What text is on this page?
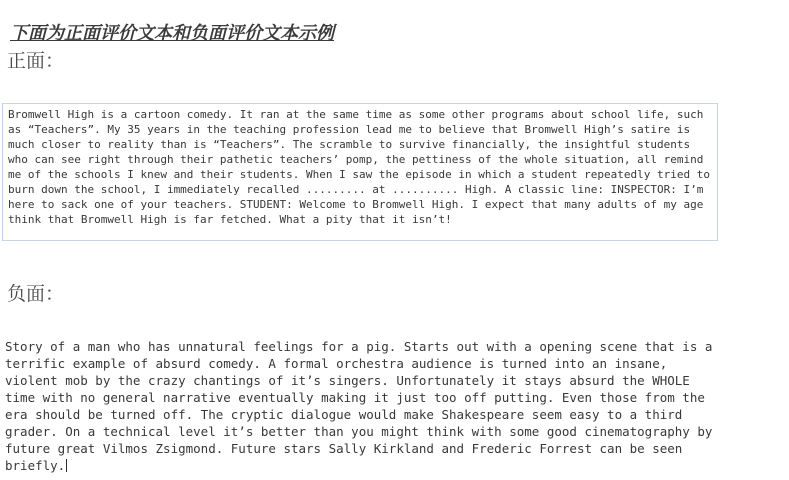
下面为正面评价文本和负面评价文本示例
正面：
Bromwell High is a cartoon comedy. It ran at the same time as some other programs about school life, such as “Teachers”. My 35 years in the teaching profession lead me to believe that Bromwell High’s satire is much closer to reality than is “Teachers”. The scramble to survive financially, the insightful students who can see right through their pathetic teachers’ pomp, the pettiness of the whole situation, all remind me of the schools I knew and their students. When I saw the episode in which a student repeatedly tried to burn down the school, I immediately recalled ......... at .......... High. A classic line: INSPECTOR: I’m here to sack one of your teachers. STUDENT: Welcome to Bromwell High. I expect that many adults of my age think that Bromwell High is far fetched. What a pity that it isn’t!
负面：
Story of a man who has unnatural feelings for a pig. Starts out with a opening scene that is a terrific example of absurd comedy. A formal orchestra audience is turned into an insane, violent mob by the crazy chantings of it’s singers. Unfortunately it stays absurd the WHOLE time with no general narrative eventually making it just too off putting. Even those from the era should be turned off. The cryptic dialogue would make Shakespeare seem easy to a third grader. On a technical level it’s better than you might think with some good cinematography by future great Vilmos Zsigmond. Future stars Sally Kirkland and Frederic Forrest can be seen briefly.
